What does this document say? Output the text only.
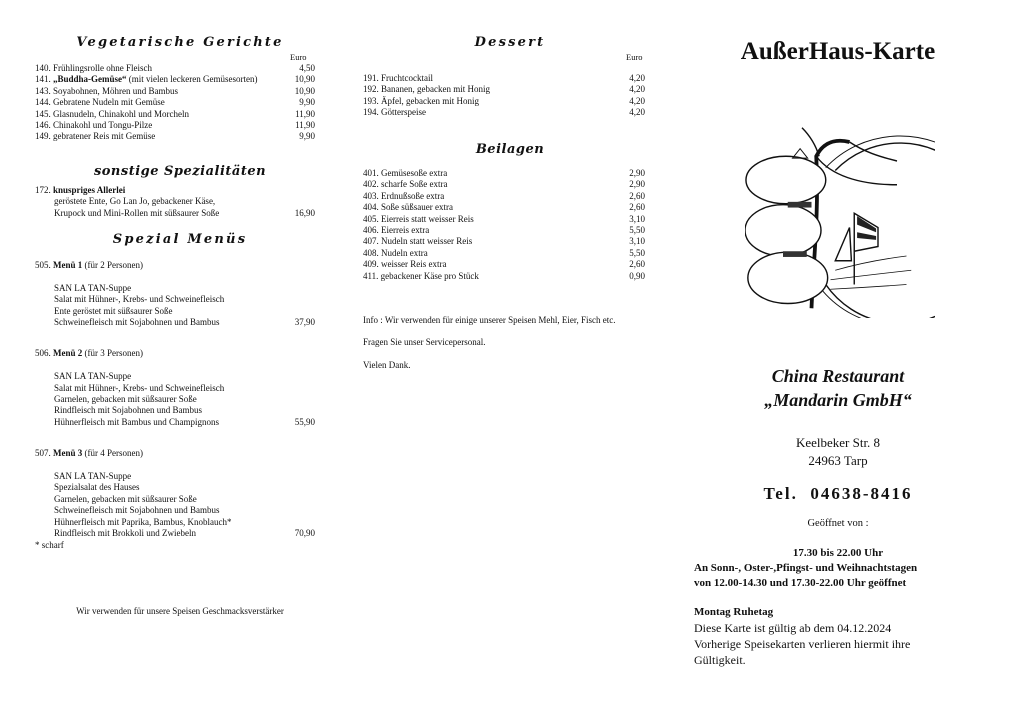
Vegetarische Gerichte
Euro
140. Frühlingsrolle ohne Fleisch	4,50
141. „Buddha-Gemüse“ (mit vielen leckeren Gemüsesorten)	10,90
143. Soyabohnen, Möhren und Bambus	10,90
144. Gebratene Nudeln mit Gemüse	9,90
145. Glasnudeln, Chinakohl und Morcheln	11,90
146. Chinakohl und Tongu-Pilze	11,90
149. gebratener Reis mit Gemüse	9,90
sonstige Spezialitäten
172. knuspriges Allerlei
geröstete Ente, Go Lan Jo, gebackener Käse,
Krupock und Mini-Rollen mit süßsaurer Soße	16,90
Spezial Menüs
505. Menü 1 (für 2 Personen)
SAN LA TAN-Suppe
Salat mit Hühner-, Krebs- und Schweinefleisch
Ente geröstet mit süßsaurer Soße
Schweinefleisch mit Sojabohnen und Bambus	37,90
506. Menü 2 (für 3 Personen)
SAN LA TAN-Suppe
Salat mit Hühner-, Krebs- und Schweinefleisch
Garnelen, gebacken mit süßsaurer Soße
Rindfleisch mit Sojabohnen und Bambus
Hühnerfleisch mit Bambus und Champignons	55,90
507. Menü 3 (für 4 Personen)
SAN LA TAN-Suppe
Spezialsalat des Hauses
Garnelen, gebacken mit süßsaurer Soße
Schweinefleisch mit Sojabohnen und Bambus
Hühnerfleisch mit Paprika, Bambus, Knoblauch*
Rindfleisch mit Brokkoli und Zwiebeln	70,90
* scharf
Wir verwenden für unsere Speisen Geschmacksverstärker
Dessert
Euro
191. Fruchtcocktail	4,20
192. Bananen, gebacken mit Honig	4,20
193. Äpfel, gebacken mit Honig	4,20
194. Götterspeise	4,20
Beilagen
401. Gemüsesoße extra	2,90
402. scharfe Soße extra	2,90
403. Erdnußsoße extra	2,60
404. Soße süßsauer extra	2,60
405. Eierreis statt weisser Reis	3,10
406. Eierreis extra	5,50
407. Nudeln statt weisser Reis	3,10
408. Nudeln extra	5,50
409. weisser Reis extra	2,60
411. gebackener Käse pro Stück	0,90
Info : Wir verwenden für einige unserer Speisen Mehl, Eier, Fisch etc.
Fragen Sie unser Servicepersonal.
Vielen Dank.
AußerHaus-Karte
China Restaurant
„Mandarin GmbH“
Keelbeker Str. 8
24963 Tarp
Tel.  04638-8416
Geöffnet von :
17.30 bis 22.00 Uhr
An Sonn-, Oster-,Pfingst- und Weihnachtstagen
von 12.00-14.30 und 17.30-22.00 Uhr geöffnet
Montag Ruhetag
Diese Karte ist gültig ab dem 04.12.2024
Vorherige Speisekarten verlieren hiermit ihre
Gültigkeit.
